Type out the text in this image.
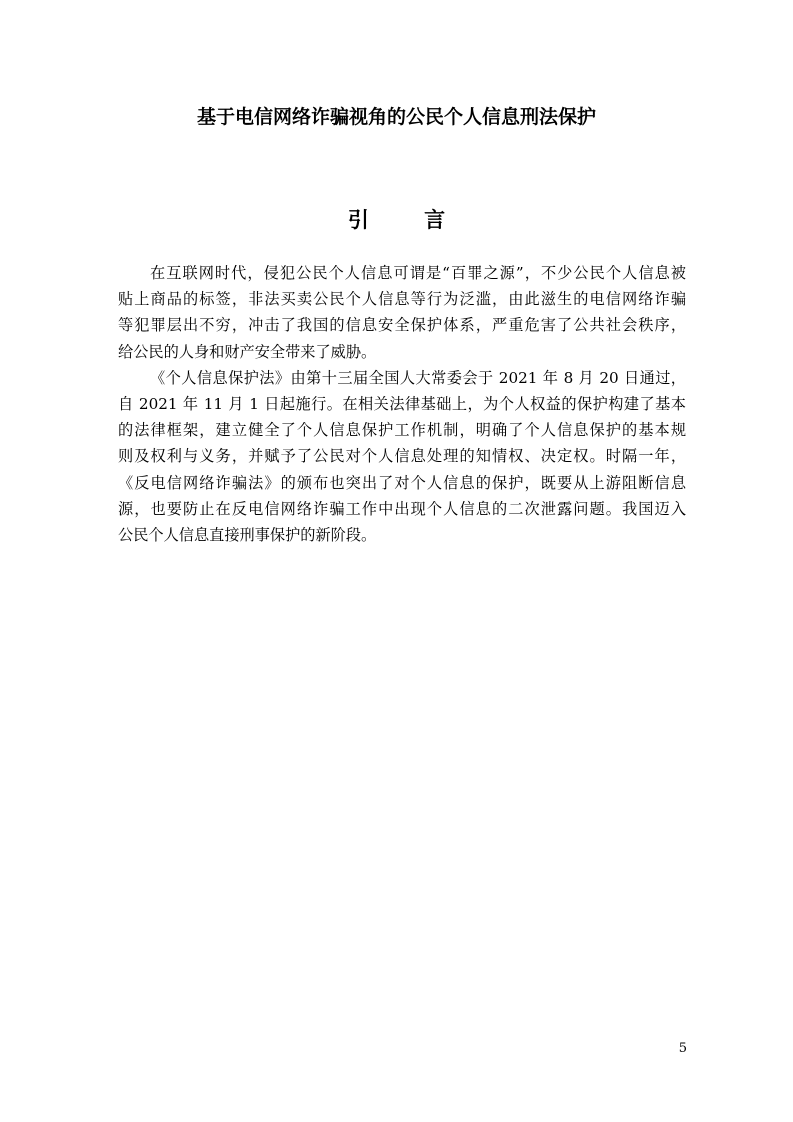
基于电信网络诈骗视角的公民个人信息刑法保护
引 言

在互联网时代，侵犯公民个人信息可谓是“百罪之源”，不少公民个人信息被
贴上商品的标签，非法买卖公民个人信息等行为泛滥，由此滋生的电信网络诈骗
等犯罪层出不穷，冲击了我国的信息安全保护体系，严重危害了公共社会秩序，
给公民的人身和财产安全带来了威胁。

《个人信息保护法》由第十三届全国人大常委会于 2021 年 8 月 20 日通过，
自 2021 年 11 月 1 日起施行。在相关法律基础上，为个人权益的保护构建了基本
的法律框架，建立健全了个人信息保护工作机制，明确了个人信息保护的基本规
则及权利与义务，并赋予了公民对个人信息处理的知情权、决定权。时隔一年，
《反电信网络诈骗法》的颁布也突出了对个人信息的保护，既要从上游阻断信息
源，也要防止在反电信网络诈骗工作中出现个人信息的二次泄露问题。我国迈入
公民个人信息直接刑事保护的新阶段。

5
